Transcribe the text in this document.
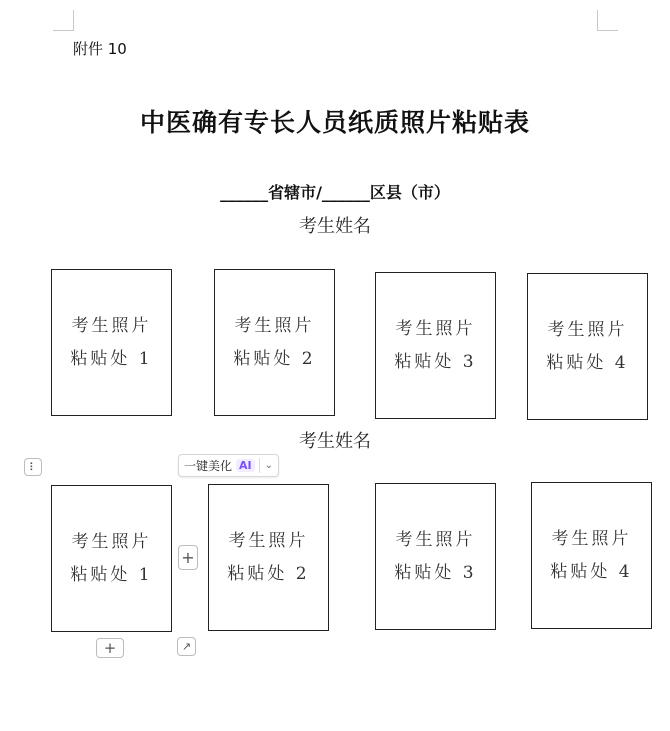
附件 10
中医确有专长人员纸质照片粘贴表
______省辖市/______区县（市）
考生姓名
考生照片
粘贴处 1
考生照片
粘贴处 2
考生照片
粘贴处 3
考生照片
粘贴处 4
考生姓名
⠇	一键美化 AI	⌄
考生照片
粘贴处 1
考生照片
粘贴处 2
考生照片
粘贴处 3
考生照片
粘贴处 4
+
+	↗
